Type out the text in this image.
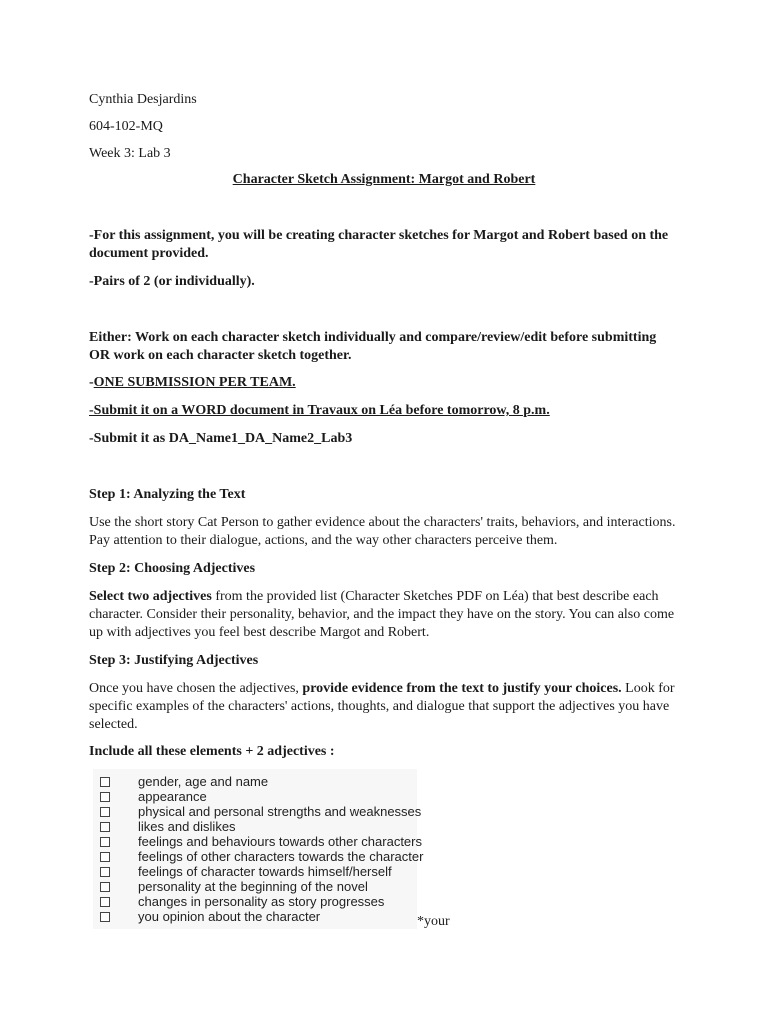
Cynthia Desjardins
604-102-MQ
Week 3: Lab 3
Character Sketch Assignment: Margot and Robert
-For this assignment, you will be creating character sketches for Margot and Robert based on the document provided.
-Pairs of 2 (or individually).
Either: Work on each character sketch individually and compare/review/edit before submitting OR work on each character sketch together.
-ONE SUBMISSION PER TEAM.
-Submit it on a WORD document in Travaux on Léa before tomorrow, 8 p.m.
-Submit it as DA_Name1_DA_Name2_Lab3
Step 1: Analyzing the Text
Use the short story Cat Person to gather evidence about the characters' traits, behaviors, and interactions. Pay attention to their dialogue, actions, and the way other characters perceive them.
Step 2: Choosing Adjectives
Select two adjectives from the provided list (Character Sketches PDF on Léa) that best describe each character. Consider their personality, behavior, and the impact they have on the story. You can also come up with adjectives you feel best describe Margot and Robert.
Step 3: Justifying Adjectives
Once you have chosen the adjectives, provide evidence from the text to justify your choices. Look for specific examples of the characters' actions, thoughts, and dialogue that support the adjectives you have selected.
Include all these elements + 2 adjectives :
gender, age and name
appearance
physical and personal strengths and weaknesses
likes and dislikes
feelings and behaviours towards other characters
feelings of other characters towards the character
feelings of character towards himself/herself
personality at the beginning of the novel
changes in personality as story progresses
you opinion about the character	*your
